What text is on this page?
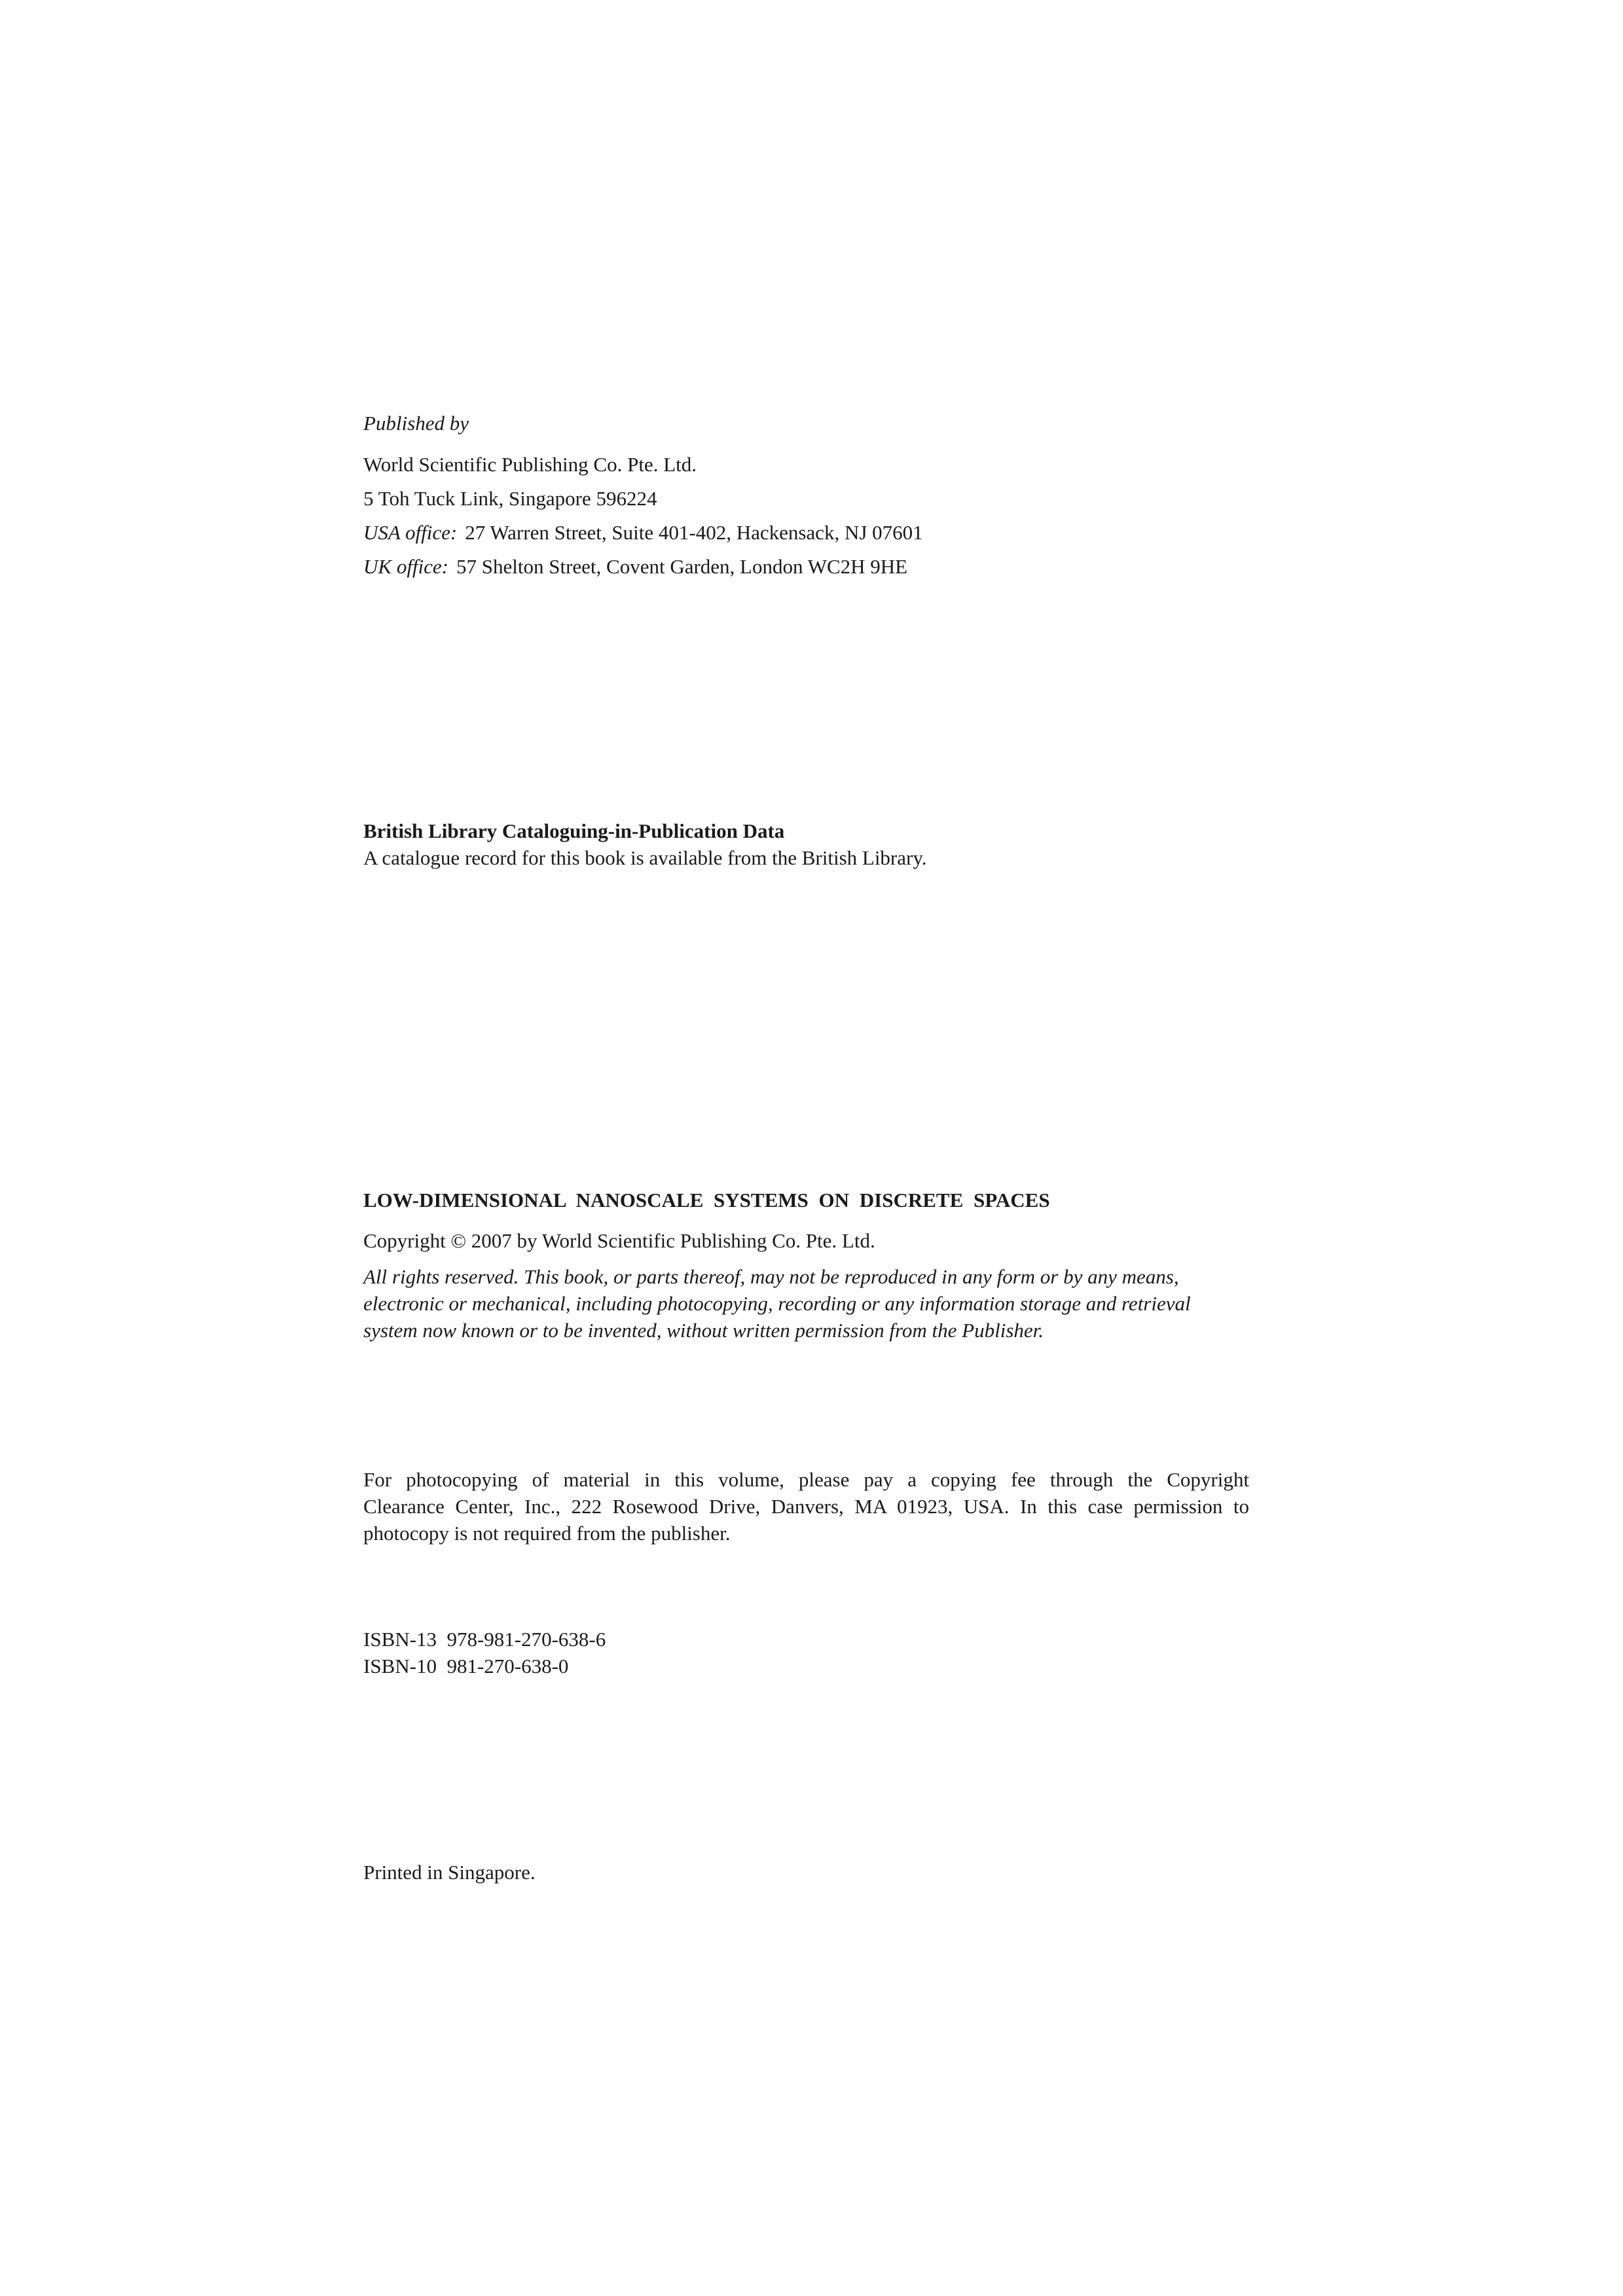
Published by
World Scientific Publishing Co. Pte. Ltd.
5 Toh Tuck Link, Singapore 596224
USA office: 27 Warren Street, Suite 401-402, Hackensack, NJ 07601
UK office: 57 Shelton Street, Covent Garden, London WC2H 9HE
British Library Cataloguing-in-Publication Data
A catalogue record for this book is available from the British Library.
LOW-DIMENSIONAL NANOSCALE SYSTEMS ON DISCRETE SPACES
Copyright © 2007 by World Scientific Publishing Co. Pte. Ltd.
All rights reserved. This book, or parts thereof, may not be reproduced in any form or by any means,
electronic or mechanical, including photocopying, recording or any information storage and retrieval
system now known or to be invented, without written permission from the Publisher.
For photocopying of material in this volume, please pay a copying fee through the Copyright
Clearance Center, Inc., 222 Rosewood Drive, Danvers, MA 01923, USA. In this case permission to
photocopy is not required from the publisher.
ISBN-13  978-981-270-638-6
ISBN-10  981-270-638-0
Printed in Singapore.
